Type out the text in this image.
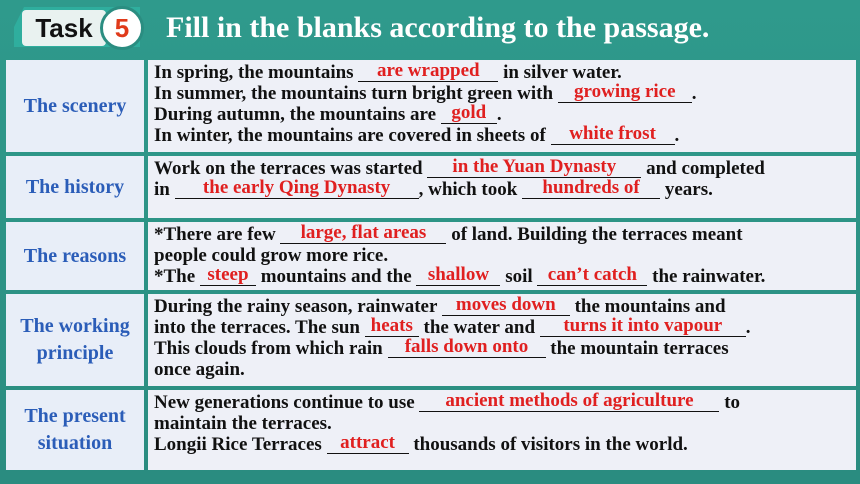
Task 5	Fill in the blanks according to the passage.
The scenery
In spring, the mountains are wrapped in silver water.
In summer, the mountains turn bright green with growing rice .
During autumn, the mountains are gold .
In winter, the mountains are covered in sheets of white frost .
The history
Work on the terraces was started in the Yuan Dynasty and completed
in the early Qing Dynasty , which took hundreds of years.
The reasons
*There are few large, flat areas of land. Building the terraces meant
people could grow more rice.
*The steep mountains and the shallow soil can’t catch the rainwater.
The working principle
During the rainy season, rainwater moves down the mountains and
into the terraces. The sun heats the water and turns it into vapour .
This clouds from which rain falls down onto the mountain terraces
once again.
The present situation
New generations continue to use ancient methods of agriculture to
maintain the terraces.
Longii Rice Terraces attract thousands of visitors in the world.
